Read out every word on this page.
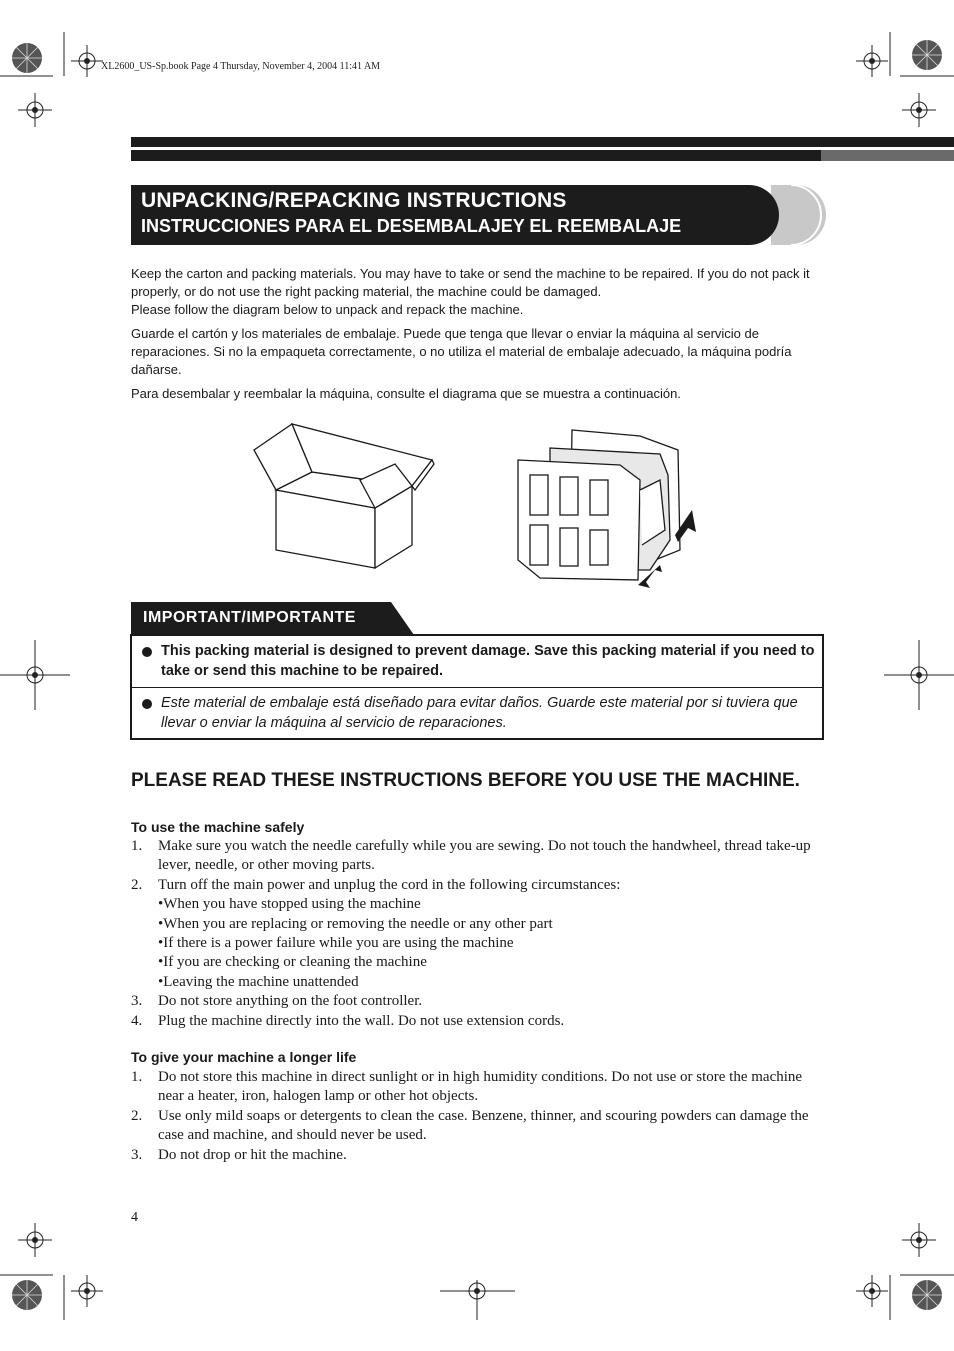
XL2600_US-Sp.book Page 4 Thursday, November 4, 2004 11:41 AM
UNPACKING/REPACKING INSTRUCTIONS
INSTRUCCIONES PARA EL DESEMBALAJEY EL REEMBALAJE

Keep the carton and packing materials. You may have to take or send the machine to be repaired. If you do not pack it properly, or do not use the right packing material, the machine could be damaged.

Please follow the diagram below to unpack and repack the machine.

Guarde el cartón y los materiales de embalaje. Puede que tenga que llevar o enviar la máquina al servicio de reparaciones. Si no la empaqueta correctamente, o no utiliza el material de embalaje adecuado, la máquina podría dañarse.

Para desembalar y reembalar la máquina, consulte el diagrama que se muestra a continuación.

IMPORTANT/IMPORTANTE
This packing material is designed to prevent damage. Save this packing material if you need to take or send this machine to be repaired.
Este material de embalaje está diseñado para evitar daños. Guarde este material por si tuviera que llevar o enviar la máquina al servicio de reparaciones.
PLEASE READ THESE INSTRUCTIONS BEFORE YOU USE THE MACHINE.
To use the machine safely
1. Make sure you watch the needle carefully while you are sewing. Do not touch the handwheel, thread take-up lever, needle, or other moving parts.
2. Turn off the main power and unplug the cord in the following circumstances:
•When you have stopped using the machine
•When you are replacing or removing the needle or any other part
•If there is a power failure while you are using the machine
•If you are checking or cleaning the machine
•Leaving the machine unattended
3. Do not store anything on the foot controller.
4. Plug the machine directly into the wall. Do not use extension cords.
To give your machine a longer life
1. Do not store this machine in direct sunlight or in high humidity conditions. Do not use or store the machine near a heater, iron, halogen lamp or other hot objects.
2. Use only mild soaps or detergents to clean the case. Benzene, thinner, and scouring powders can damage the case and machine, and should never be used.
3. Do not drop or hit the machine.
4
